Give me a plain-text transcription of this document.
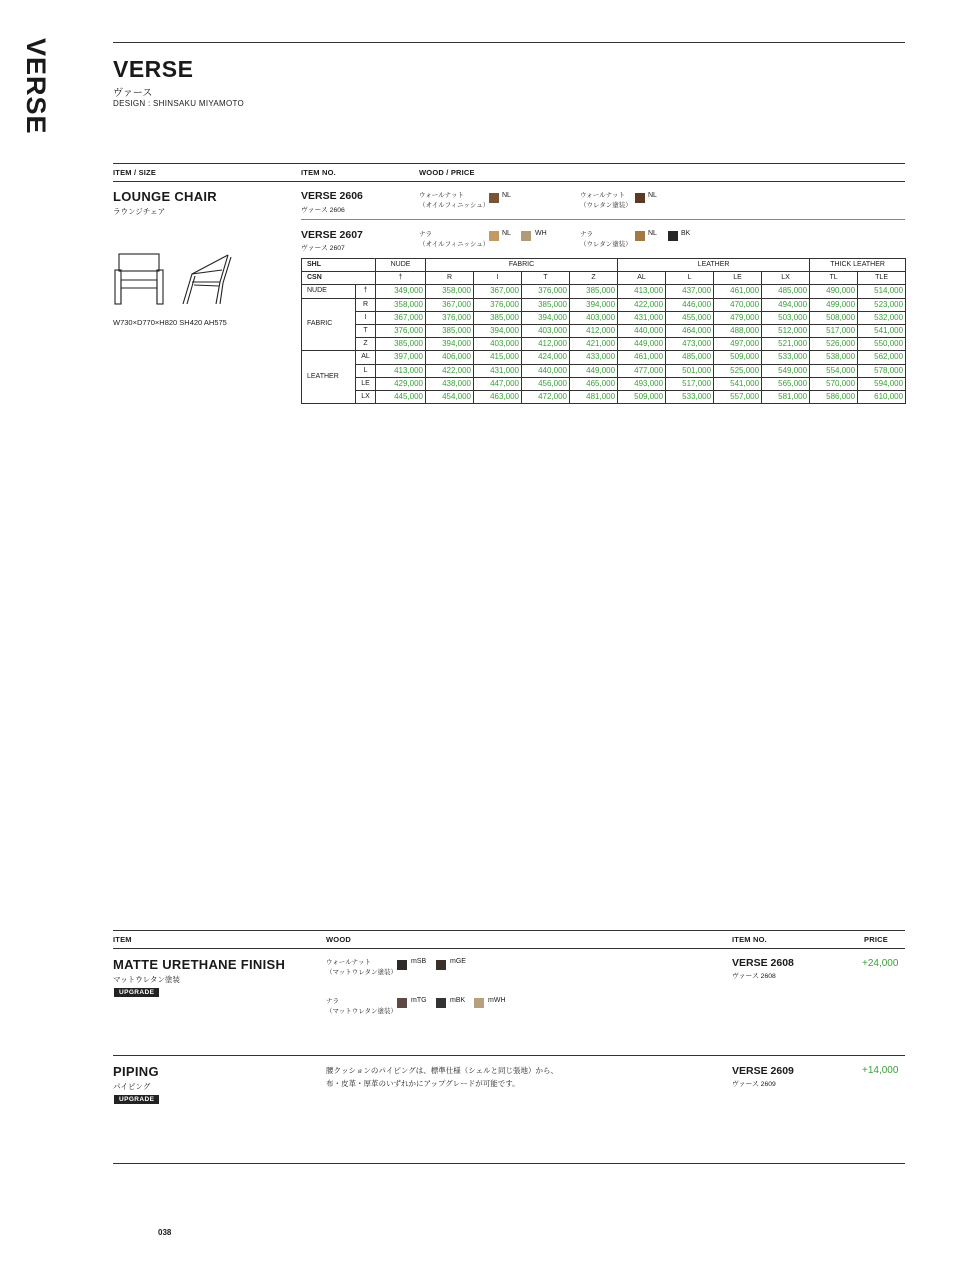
VERSE	VERSE
ヴァース
DESIGN : SHINSAKU MIYAMOTO
ITEM / SIZE	ITEM NO.	WOOD / PRICE
LOUNGE CHAIR
ラウンジチェア
W730×D770×H820 SH420 AH575
VERSE 2606
ヴァース 2606
ウォールナット
（オイルフィニッシュ）
NL	ウォールナット
（ウレタン塗装）
NL
VERSE 2607
ヴァース 2607
ナラ
（オイルフィニッシュ）
NL	WH	ナラ
（ウレタン塗装）
NL	BK
SHL		NUDE	FABRIC				LEATHER				THICK LEATHER	
CSN		†	R	I	T	Z	AL	L	LE	LX	TL	TLE
NUDE	†	349,000	358,000	367,000	376,000	385,000	413,000	437,000	461,000	485,000	490,000	514,000
FABRIC	R	358,000	367,000	376,000	385,000	394,000	422,000	446,000	470,000	494,000	499,000	523,000
	I	367,000	376,000	385,000	394,000	403,000	431,000	455,000	479,000	503,000	508,000	532,000
	T	376,000	385,000	394,000	403,000	412,000	440,000	464,000	488,000	512,000	517,000	541,000
	Z	385,000	394,000	403,000	412,000	421,000	449,000	473,000	497,000	521,000	526,000	550,000
LEATHER	AL	397,000	406,000	415,000	424,000	433,000	461,000	485,000	509,000	533,000	538,000	562,000
	L	413,000	422,000	431,000	440,000	449,000	477,000	501,000	525,000	549,000	554,000	578,000
	LE	429,000	438,000	447,000	456,000	465,000	493,000	517,000	541,000	565,000	570,000	594,000
	LX	445,000	454,000	463,000	472,000	481,000	509,000	533,000	557,000	581,000	586,000	610,000
ITEM	WOOD	ITEM NO.	PRICE
MATTE URETHANE FINISH
マットウレタン塗装
UPGRADE
ウォールナット
（マットウレタン塗装）
mSB	mGE
ナラ
（マットウレタン塗装）
mTG	mBK	mWH
VERSE 2608
ヴァース 2608
+24,000
PIPING
パイピング
UPGRADE
腰クッションのパイピングは、標準仕様（シェルと同じ張地）から、
布・皮革・厚革のいずれかにアップグレードが可能です。
VERSE 2609
ヴァース 2609
+14,000
038
